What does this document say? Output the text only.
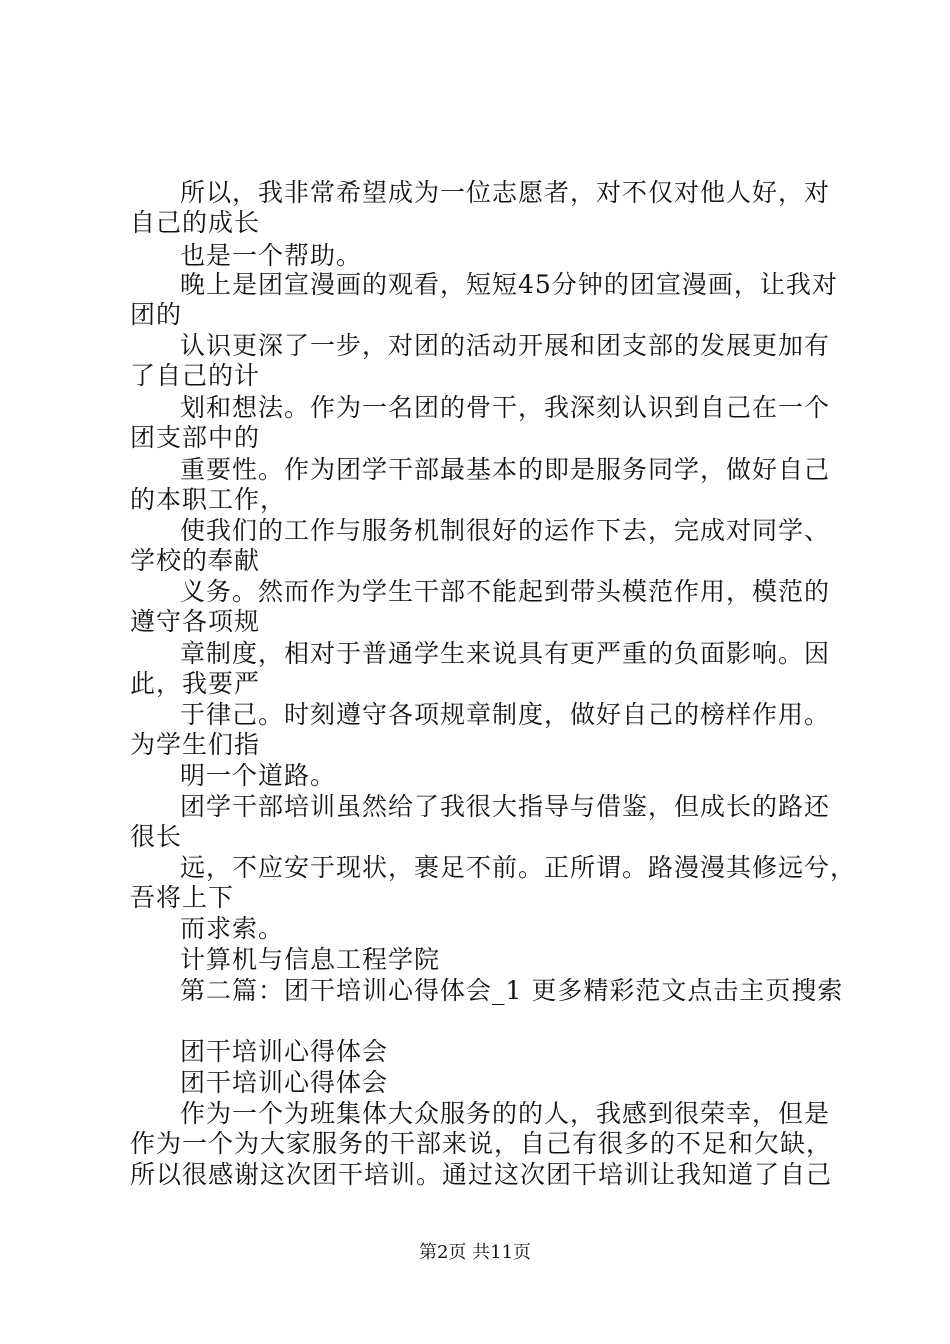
所以，我非常希望成为一位志愿者，对不仅对他人好，对
自己的成长
也是一个帮助。
晚上是团宣漫画的观看，短短45分钟的团宣漫画，让我对
团的
认识更深了一步，对团的活动开展和团支部的发展更加有
了自己的计
划和想法。作为一名团的骨干，我深刻认识到自己在一个
团支部中的
重要性。作为团学干部最基本的即是服务同学，做好自己
的本职工作，
使我们的工作与服务机制很好的运作下去，完成对同学、
学校的奉献
义务。然而作为学生干部不能起到带头模范作用，模范的
遵守各项规
章制度，相对于普通学生来说具有更严重的负面影响。因
此，我要严
于律己。时刻遵守各项规章制度，做好自己的榜样作用。
为学生们指
明一个道路。
团学干部培训虽然给了我很大指导与借鉴，但成长的路还
很长
远，不应安于现状，裹足不前。正所谓。路漫漫其修远兮，
吾将上下
而求索。
计算机与信息工程学院
第二篇：团干培训心得体会_1 更多精彩范文点击主页搜索
团干培训心得体会
团干培训心得体会
作为一个为班集体大众服务的的人，我感到很荣幸，但是
作为一个为大家服务的干部来说，自己有很多的不足和欠缺，
所以很感谢这次团干培训。通过这次团干培训让我知道了自己
第2页 共11页
